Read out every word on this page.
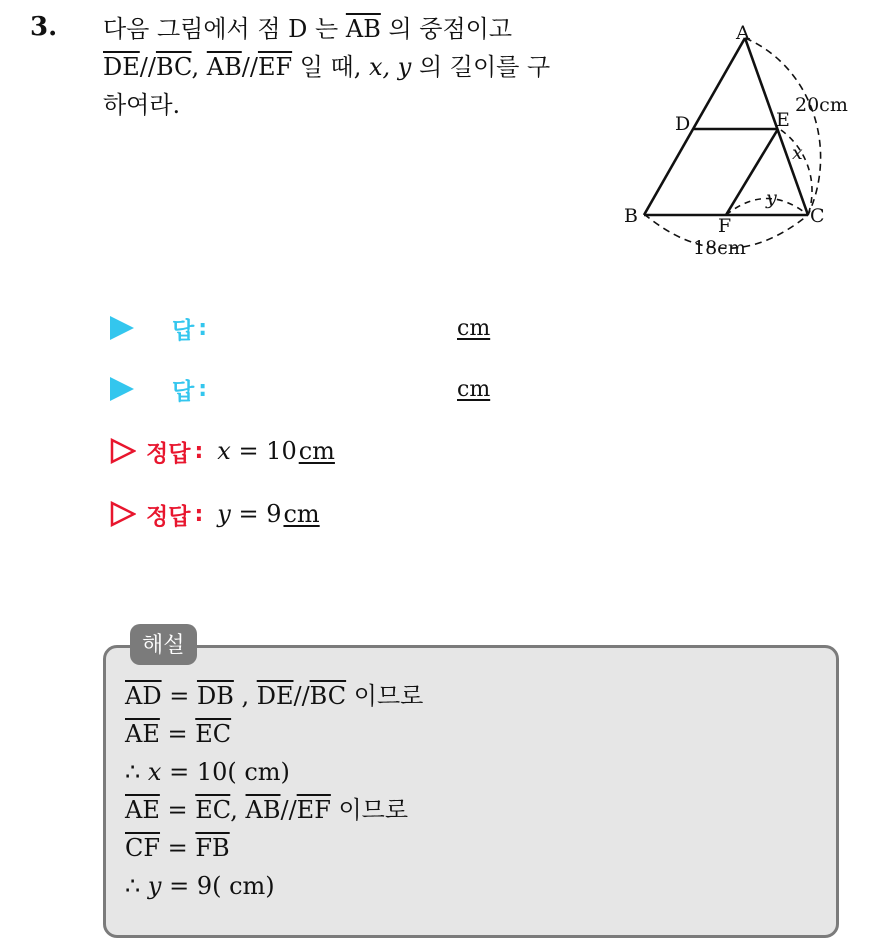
3. 다음 그림에서 점 D 는 $\overline{AB}$ 의 중점이고
$\overline{DE}//\overline{BC}$, $\overline{AB}//\overline{EF}$ 일 때, x, y 의 길이를 구
하여라.
A
D	E
B	C
F
x
y
20cm
18cm
답 :	cm
답 :	cm
정답 : x = 10cm
정답 : y = 9cm
해설
$\overline{AD} = \overline{DB}$ , $\overline{DE}//\overline{BC}$ 이므로
$\overline{AE} = \overline{EC}$
∴ x = 10( cm)
$\overline{AE} = \overline{EC}$, $\overline{AB}//\overline{EF}$ 이므로
$\overline{CF} = \overline{FB}$
∴ y = 9( cm)
